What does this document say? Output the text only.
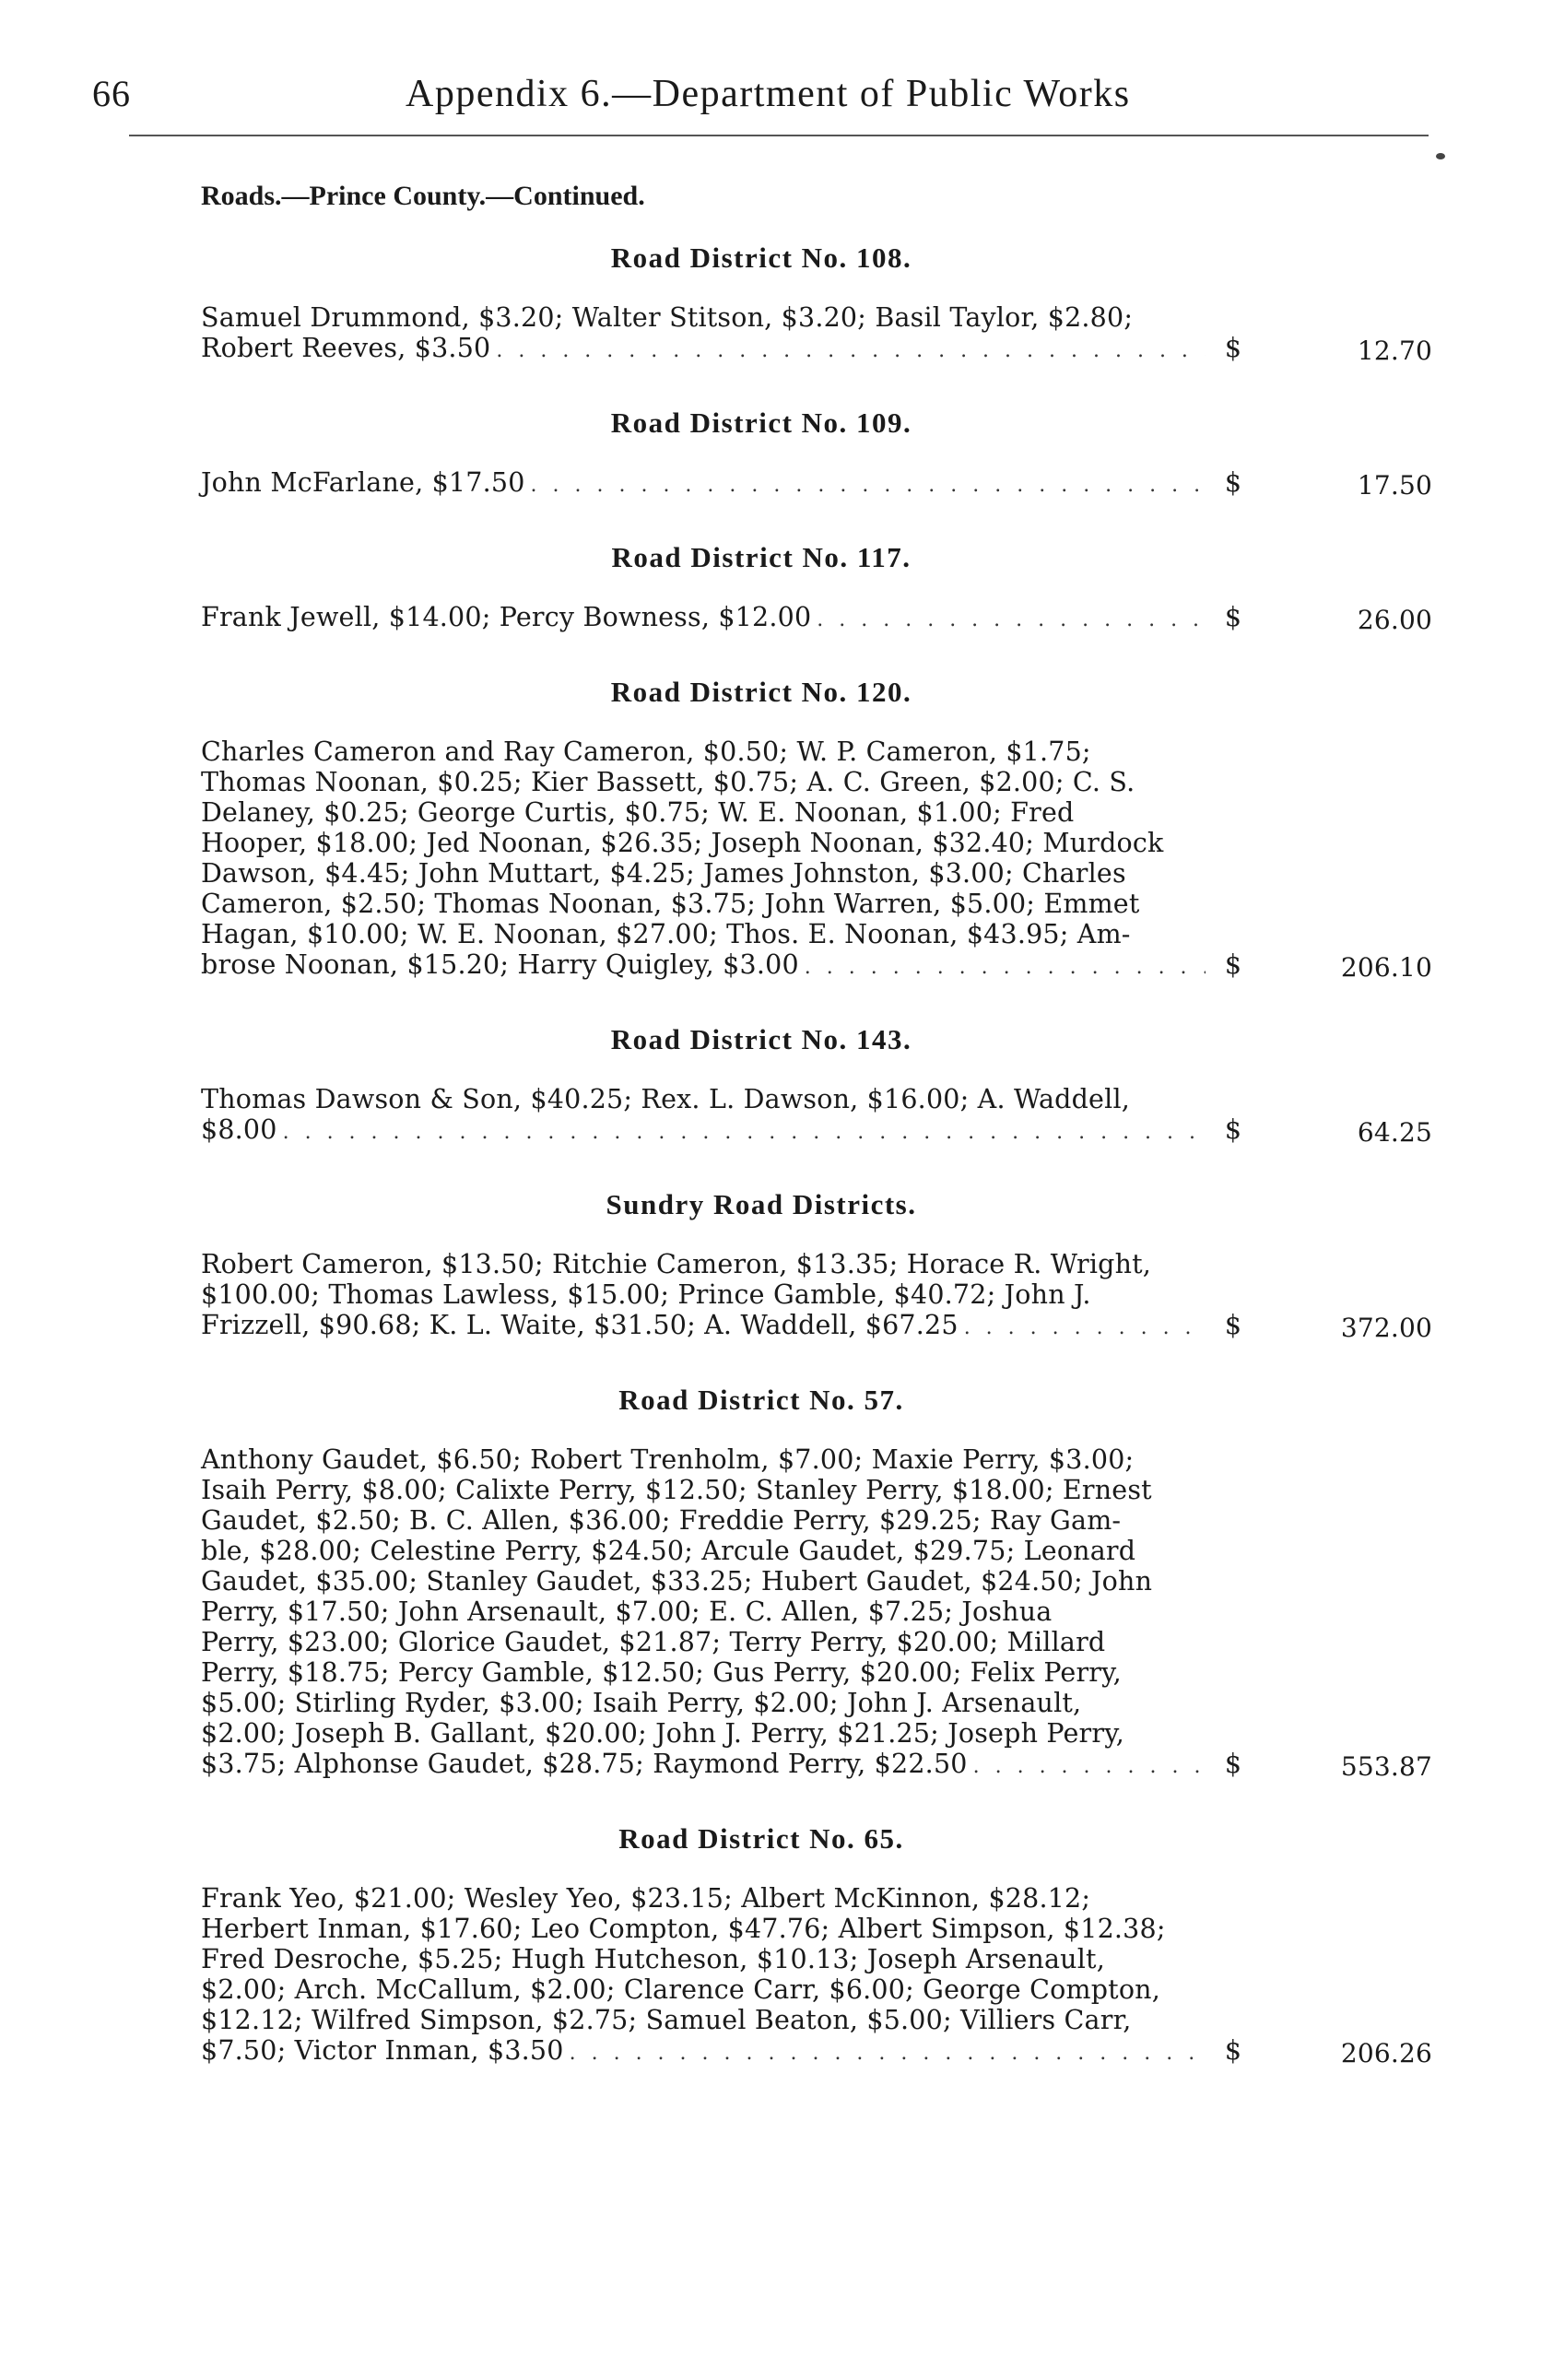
66	Appendix 6.—Department of Public Works
Roads.—Prince County.—Continued.
Road District No. 108.

Samuel Drummond, $3.20; Walter Stitson, $3.20; Basil Taylor, $2.80;

Robert Reeves, $3.50 . . .	$	12.70
Road District No. 109.
John McFarlane, $17.50 . . .	$	17.50
Road District No. 117.
Frank Jewell, $14.00; Percy Bowness, $12.00 . . .	$	26.00
Road District No. 120.

Charles Cameron and Ray Cameron, $0.50; W. P. Cameron, $1.75;

Thomas Noonan, $0.25; Kier Bassett, $0.75; A. C. Green, $2.00; C. S.

Delaney, $0.25; George Curtis, $0.75; W. E. Noonan, $1.00; Fred

Hooper, $18.00; Jed Noonan, $26.35; Joseph Noonan, $32.40; Murdock

Dawson, $4.45; John Muttart, $4.25; James Johnston, $3.00; Charles

Cameron, $2.50; Thomas Noonan, $3.75; John Warren, $5.00; Emmet

Hagan, $10.00; W. E. Noonan, $27.00; Thos. E. Noonan, $43.95; Am-

brose Noonan, $15.20; Harry Quigley, $3.00 . . .	$	206.10
Road District No. 143.

Thomas Dawson & Son, $40.25; Rex. L. Dawson, $16.00; A. Waddell,

$8.00 . . .	$	64.25
Sundry Road Districts.

Robert Cameron, $13.50; Ritchie Cameron, $13.35; Horace R. Wright,

$100.00; Thomas Lawless, $15.00; Prince Gamble, $40.72; John J.

Frizzell, $90.68; K. L. Waite, $31.50; A. Waddell, $67.25 . . .	$	372.00
Road District No. 57.

Anthony Gaudet, $6.50; Robert Trenholm, $7.00; Maxie Perry, $3.00;

Isaih Perry, $8.00; Calixte Perry, $12.50; Stanley Perry, $18.00; Ernest

Gaudet, $2.50; B. C. Allen, $36.00; Freddie Perry, $29.25; Ray Gam-

ble, $28.00; Celestine Perry, $24.50; Arcule Gaudet, $29.75; Leonard

Gaudet, $35.00; Stanley Gaudet, $33.25; Hubert Gaudet, $24.50; John

Perry, $17.50; John Arsenault, $7.00; E. C. Allen, $7.25; Joshua

Perry, $23.00; Glorice Gaudet, $21.87; Terry Perry, $20.00; Millard

Perry, $18.75; Percy Gamble, $12.50; Gus Perry, $20.00; Felix Perry,

$5.00; Stirling Ryder, $3.00; Isaih Perry, $2.00; John J. Arsenault,

$2.00; Joseph B. Gallant, $20.00; John J. Perry, $21.25; Joseph Perry,

$3.75; Alphonse Gaudet, $28.75; Raymond Perry, $22.50 . . .	$	553.87
Road District No. 65.

Frank Yeo, $21.00; Wesley Yeo, $23.15; Albert McKinnon, $28.12;

Herbert Inman, $17.60; Leo Compton, $47.76; Albert Simpson, $12.38;

Fred Desroche, $5.25; Hugh Hutcheson, $10.13; Joseph Arsenault,

$2.00; Arch. McCallum, $2.00; Clarence Carr, $6.00; George Compton,

$12.12; Wilfred Simpson, $2.75; Samuel Beaton, $5.00; Villiers Carr,

$7.50; Victor Inman, $3.50 . . .	$	206.26
